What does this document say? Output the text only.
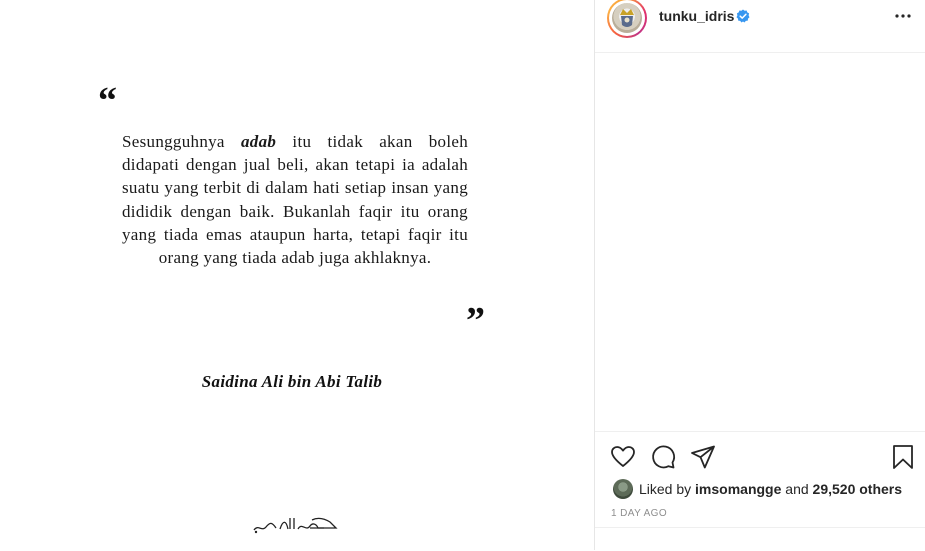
“
Sesungguhnya adab itu tidak akan boleh didapati dengan jual beli, akan tetapi ia adalah suatu yang terbit di dalam hati setiap insan yang dididik dengan baik. Bukanlah faqir itu orang yang tiada emas ataupun harta, tetapi faqir itu orang yang tiada adab juga akhlaknya.
”
Saidina Ali bin Abi Talib
tunku_idris
Liked by imsomangge and 29,520 others
1 DAY AGO
